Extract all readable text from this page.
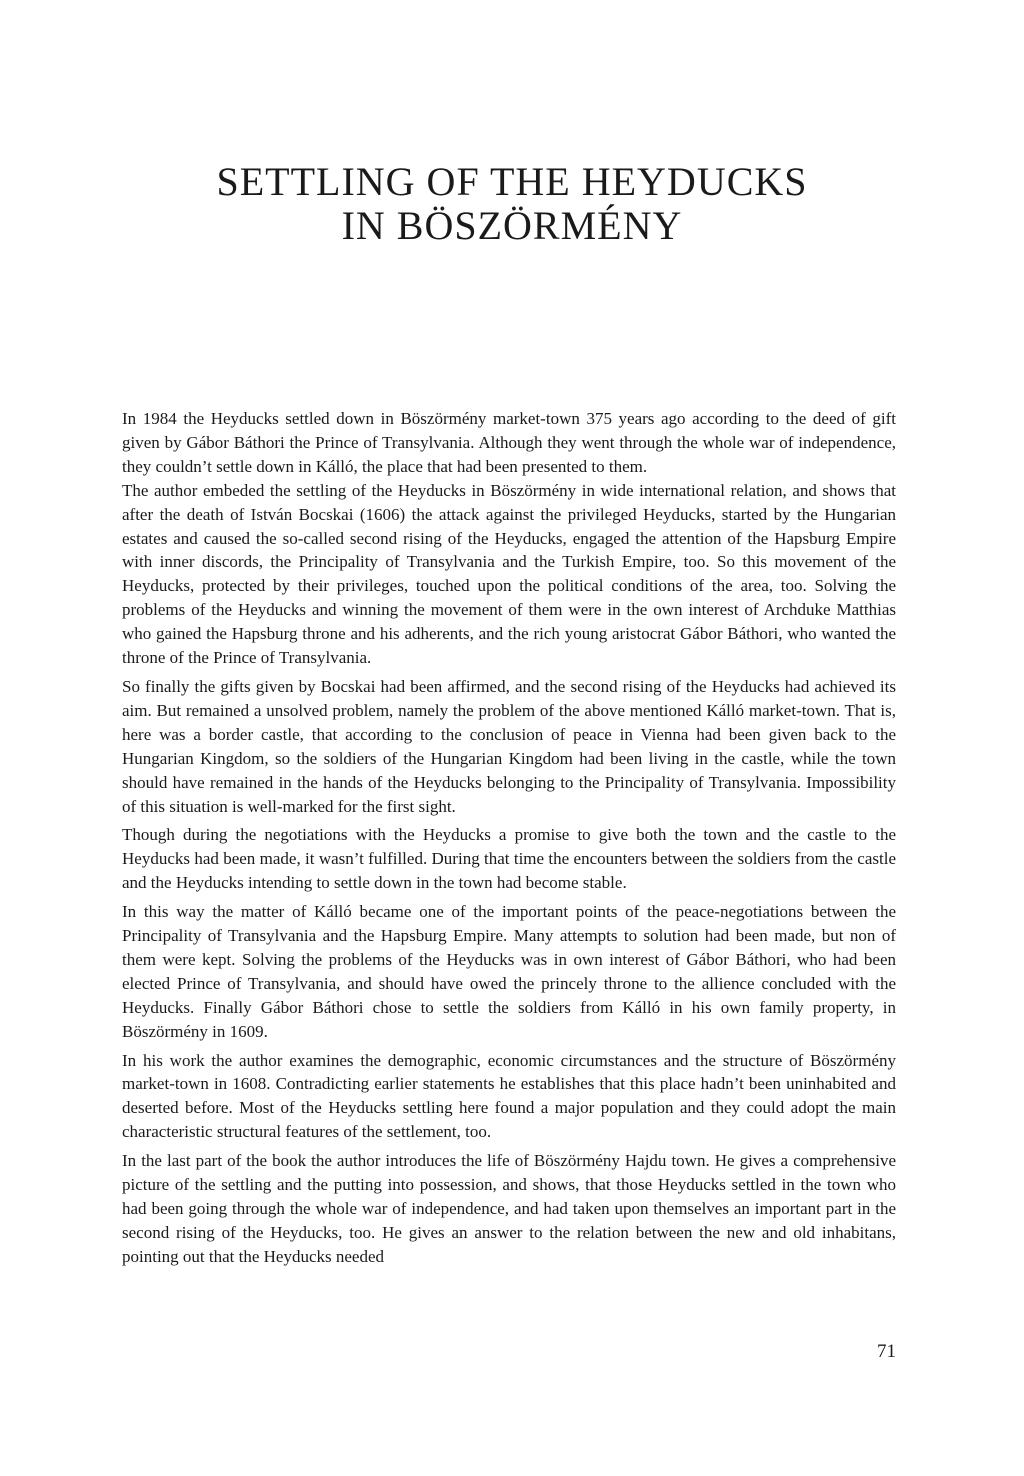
SETTLING OF THE HEYDUCKS
IN BÖSZÖRMÉNY

In 1984 the Heyducks settled down in Böszörmény market-town 375 years ago according to the deed of gift given by Gábor Báthori the Prince of Transylvania. Although they went through the whole war of independence, they couldn’t settle down in Kálló, the place that had been presented to them.

The author embeded the settling of the Heyducks in Böszörmény in wide international relation, and shows that after the death of István Bocskai (1606) the attack against the privileged Heyducks, started by the Hungarian estates and caused the so-called second rising of the Heyducks, engaged the attention of the Hapsburg Empire with inner discords, the Principality of Transylvania and the Turkish Empire, too. So this movement of the Heyducks, protected by their privileges, touched upon the political conditions of the area, too. Solving the problems of the Heyducks and winning the movement of them were in the own interest of Archduke Matthias who gained the Hapsburg throne and his adherents, and the rich young aristocrat Gábor Báthori, who wanted the throne of the Prince of Transylvania.

So finally the gifts given by Bocskai had been affirmed, and the second rising of the Heyducks had achieved its aim. But remained a unsolved problem, namely the problem of the above mentioned Kálló market-town. That is, here was a border castle, that according to the conclusion of peace in Vienna had been given back to the Hungarian Kingdom, so the soldiers of the Hungarian Kingdom had been living in the castle, while the town should have remained in the hands of the Heyducks belonging to the Principality of Transylvania. Impossibility of this situation is well-marked for the first sight.

Though during the negotiations with the Heyducks a promise to give both the town and the castle to the Heyducks had been made, it wasn’t fulfilled. During that time the encounters between the soldiers from the castle and the Heyducks intending to settle down in the town had become stable.

In this way the matter of Kálló became one of the important points of the peace-negotiations between the Principality of Transylvania and the Hapsburg Empire. Many attempts to solution had been made, but non of them were kept. Solving the problems of the Heyducks was in own interest of Gábor Báthori, who had been elected Prince of Transylvania, and should have owed the princely throne to the allience concluded with the Heyducks. Finally Gábor Báthori chose to settle the soldiers from Kálló in his own family property, in Böszörmény in 1609.

In his work the author examines the demographic, economic circumstances and the structure of Böszörmény market-town in 1608. Contradicting earlier statements he establishes that this place hadn’t been uninhabited and deserted before. Most of the Heyducks settling here found a major population and they could adopt the main characteristic structural features of the settlement, too.

In the last part of the book the author introduces the life of Böszörmény Hajdu town. He gives a comprehensive picture of the settling and the putting into possession, and shows, that those Heyducks settled in the town who had been going through the whole war of independence, and had taken upon themselves an important part in the second rising of the Heyducks, too. He gives an answer to the relation between the new and old inhabitans, pointing out that the Heyducks needed

71
